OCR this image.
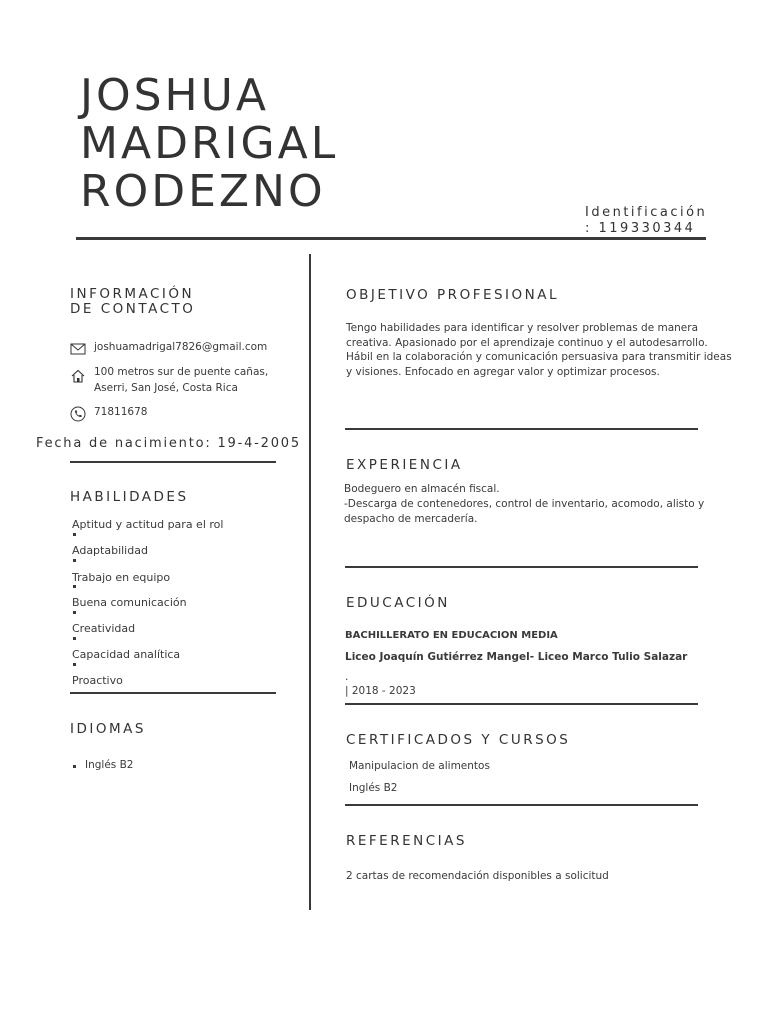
JOSHUA
MADRIGAL
RODEZNO	Identificación
: 119330344
INFORMACIÓN
DE CONTACTO
joshuamadrigal7826@gmail.com
100 metros sur de puente cañas,
Aserri, San José, Costa Rica
71811678
Fecha de nacimiento: 19-4-2005
HABILIDADES
Aptitud y actitud para el rol
Adaptabilidad
Trabajo en equipo
Buena comunicación
Creatividad
Capacidad analítica
Proactivo
IDIOMAS
Inglés B2
OBJETIVO PROFESIONAL
Tengo habilidades para identificar y resolver problemas de manera
creativa. Apasionado por el aprendizaje continuo y el autodesarrollo.
Hábil en la colaboración y comunicación persuasiva para transmitir ideas
y visiones. Enfocado en agregar valor y optimizar procesos.
EXPERIENCIA
Bodeguero en almacén fiscal.
-Descarga de contenedores, control de inventario, acomodo, alisto y
despacho de mercadería.
EDUCACIÓN
BACHILLERATO EN EDUCACION MEDIA
Liceo Joaquín Gutiérrez Mangel- Liceo Marco Tulio Salazar
.
| 2018 - 2023
CERTIFICADOS Y CURSOS
Manipulacion de alimentos
Inglés B2
REFERENCIAS
2 cartas de recomendación disponibles a solicitud
